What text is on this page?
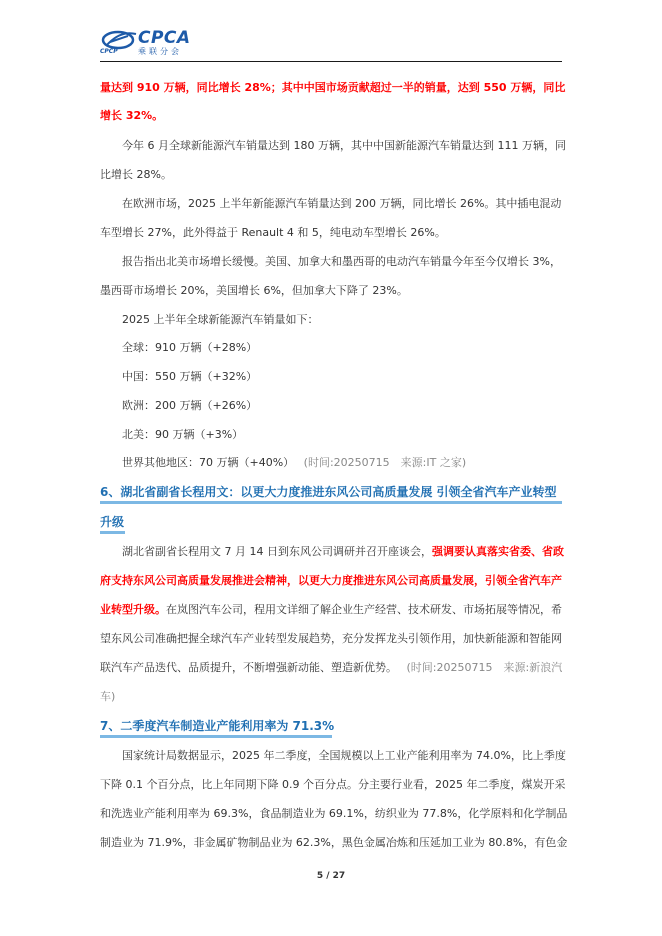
CPCP
CPCA
乘联分会
量达到 910 万辆，同比增长 28%；其中中国市场贡献超过一半的销量，达到 550 万辆，同比
增长 32%。
今年 6 月全球新能源汽车销量达到 180 万辆，其中中国新能源汽车销量达到 111 万辆，同
比增长 28%。
在欧洲市场，2025 上半年新能源汽车销量达到 200 万辆，同比增长 26%。其中插电混动
车型增长 27%，此外得益于 Renault 4 和 5，纯电动车型增长 26%。
报告指出北美市场增长缓慢。美国、加拿大和墨西哥的电动汽车销量今年至今仅增长 3%，
墨西哥市场增长 20%，美国增长 6%，但加拿大下降了 23%。
2025 上半年全球新能源汽车销量如下：
全球：910 万辆（+28%）
中国：550 万辆（+32%）
欧洲：200 万辆（+26%）
北美：90 万辆（+3%）
世界其他地区：70 万辆（+40%） (时间:20250715　来源:IT 之家)
6、湖北省副省长程用文：以更大力度推进东风公司高质量发展 引领全省汽车产业转型
升级
湖北省副省长程用文 7 月 14 日到东风公司调研并召开座谈会，强调要认真落实省委、省政
府支持东风公司高质量发展推进会精神，以更大力度推进东风公司高质量发展，引领全省汽车产
业转型升级。在岚图汽车公司，程用文详细了解企业生产经营、技术研发、市场拓展等情况，希
望东风公司准确把握全球汽车产业转型发展趋势，充分发挥龙头引领作用，加快新能源和智能网
联汽车产品迭代、品质提升，不断增强新动能、塑造新优势。 (时间:20250715　来源:新浪汽
车)
7、二季度汽车制造业产能利用率为 71.3%
国家统计局数据显示，2025 年二季度，全国规模以上工业产能利用率为 74.0%，比上季度
下降 0.1 个百分点，比上年同期下降 0.9 个百分点。分主要行业看，2025 年二季度，煤炭开采
和洗选业产能利用率为 69.3%，食品制造业为 69.1%，纺织业为 77.8%，化学原料和化学制品
制造业为 71.9%，非金属矿物制品业为 62.3%，黑色金属冶炼和压延加工业为 80.8%，有色金
5 / 27
